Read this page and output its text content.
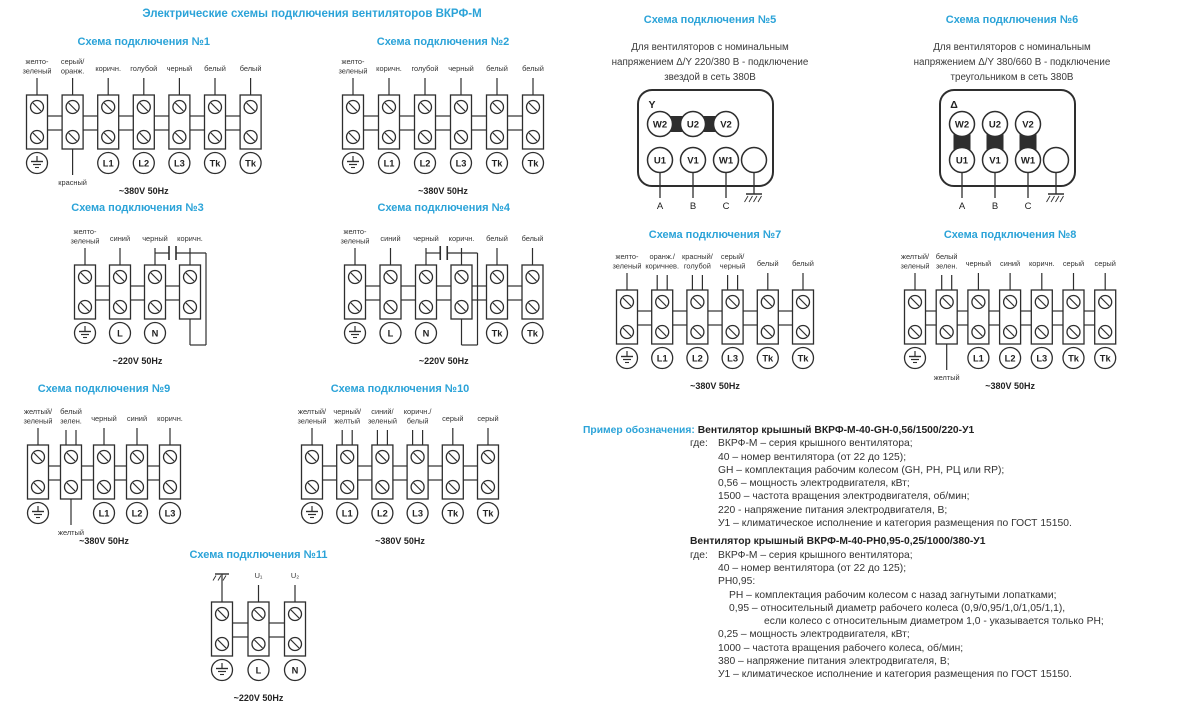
Электрические схемы подключения вентиляторов ВКРФ-М
Пример обозначения: Вентилятор крышный ВКРФ-М-40-GH-0,56/1500/220-У1
где: ВКРФ-М – серия крышного вентилятора;
40 – номер вентилятора (от 22 до 125);
GH – комплектация рабочим колесом (GH, РН, РЦ или RP);
0,56 – мощность электродвигателя, кВт;
1500 – частота вращения электродвигателя, об/мин;
220 - напряжение питания электродвигателя, В;
У1 – климатическое исполнение и категория размещения по ГОСТ 15150.
Вентилятор крышный ВКРФ-М-40-РН0,95-0,25/1000/380-У1
где: ВКРФ-М – серия крышного вентилятора;
40 – номер вентилятора (от 22 до 125);
РН0,95:
РН – комплектация рабочим колесом с назад загнутыми лопатками;
0,95 – относительный диаметр рабочего колеса (0,9/0,95/1,0/1,05/1,1),
если колесо с относительным диаметром 1,0 - указывается только РН;
0,25 – мощность электродвигателя, кВт;
1000 – частота вращения рабочего колеса, об/мин;
380 – напряжение питания электродвигателя, В;
У1 – климатическое исполнение и категория размещения по ГОСТ 15150.
желто-
зеленый
серый/
оранж.
красный
коричн.
L1
голубой
L2
черный
L3
белый
Tk
белый
Tk
~380V 50Hz
Схема подключения №1
желто-
зеленый коричн.
L1
голубой
L2
черный
L3
белый
Tk
белый
Tk
~380V 50Hz
Схема подключения №2
желто-
зеленый синий
L
черный
N
коричн.
~220V 50Hz
Схема подключения №3
желто-
зеленый синий
L
черный
N
коричн. белый
Tk
белый
Tk
~220V 50Hz
Схема подключения №4
Для вентиляторов с номинальным
напряжением Δ/Y 220/380 В - подключение
звездой в сеть 380В
Y
W2 U2 V2
U1 V1 W1
A	B	C
Схема подключения №5
Для вентиляторов с номинальным
напряжением Δ/Y 380/660 В - подключение
треугольником в сеть 380В
Δ
W2 U2 V2
U1 V1 W1
A	B	C
Схема подключения №6
желто-
зеленый
оранж./
коричнев.
L1
красный/
голубой
L2
серый/
черный
L3
белый
Tk
белый
Tk
~380V 50Hz
Схема подключения №7
желтый/
зеленый
белый
зелен.
желтый
черный
L1
синий
L2
коричн.
L3
серый
Tk
серый
Tk
~380V 50Hz
Схема подключения №8
желтый/
зеленый
белый
зелен.
желтый
черный
L1
синий
L2
коричн.
L3
~380V 50Hz
Схема подключения №9
желтый/
зеленый
черный/
желтый
L1
синий/
зеленый
L2
коричн./
белый
L3
серый
Tk
серый
Tk
~380V 50Hz
Схема подключения №10
U₁
L
U₂
N
~220V 50Hz
Схема подключения №11
